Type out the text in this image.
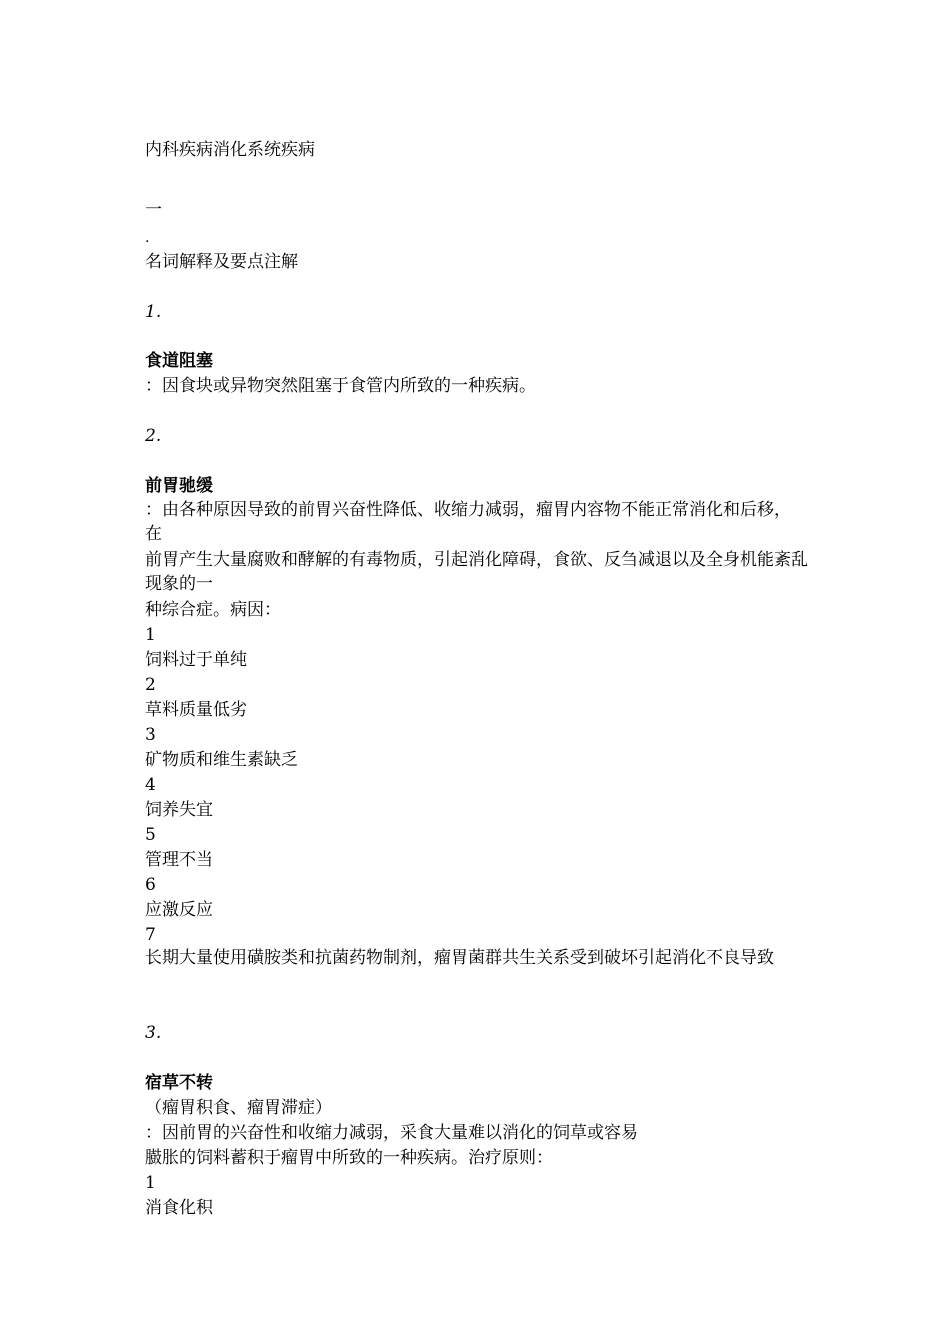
内科疾病消化系统疾病
一
.
名词解释及要点注解
1.
食道阻塞
：因食块或异物突然阻塞于食管内所致的一种疾病。
2.
前胃驰缓
：由各种原因导致的前胃兴奋性降低、收缩力减弱，瘤胃内容物不能正常消化和后移， 在
前胃产生大量腐败和酵解的有毒物质，引起消化障碍，食欲、反刍减退以及全身机能紊乱现象的一
种综合症。病因：
1
饲料过于单纯
2
草料质量低劣
3
矿物质和维生素缺乏
4
饲养失宜
5
管理不当
6
应激反应
7
长期大量使用磺胺类和抗菌药物制剂，瘤胃菌群共生关系受到破坏引起消化不良导致
3.
宿草不转
（瘤胃积食、瘤胃滞症）
：因前胃的兴奋性和收缩力减弱，采食大量难以消化的饲草或容易
臌胀的饲料蓄积于瘤胃中所致的一种疾病。治疗原则：
1
消食化积
